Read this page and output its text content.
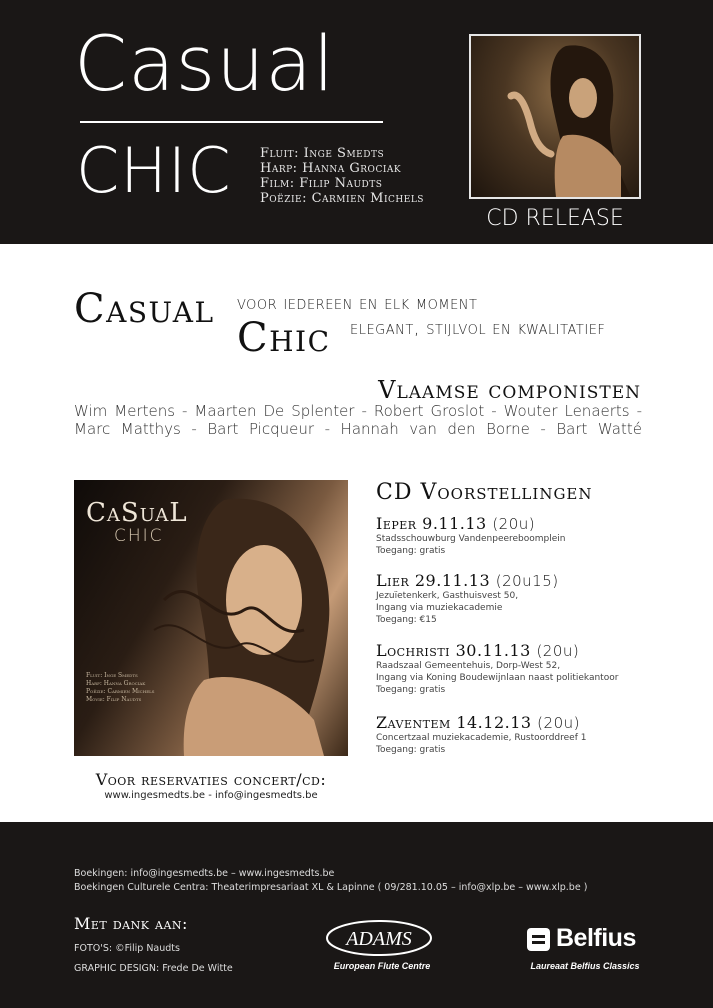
Casual
CHIC Fluit: Inge Smedts
Harp: Hanna Grociak
Film: Filip Naudts
Poëzie: Carmien Michels
CD RELEASE
Casual voor iedereen en elk moment
Chic elegant, stijlvol en kwalitatief
Vlaamse componisten
Wim Mertens - Maarten De Splenter - Robert Groslot - Wouter Lenaerts -
Marc Matthys - Bart Picqueur - Hannah van den Borne - Bart Watté
CaSuaL
CHIC
Fluit: Inge Smedts
Harp: Hanna Grociak
Poëzie: Carmien Michels
Movie: Filip Naudts
Voor reservaties concert/cd:
www.ingesmedts.be - info@ingesmedts.be
CD Voorstellingen
Ieper 9.11.13 (20u)
Stadsschouwburg Vandenpeereboomplein
Toegang: gratis
Lier 29.11.13 (20u15)
Jezuïetenkerk, Gasthuisvest 50,
Ingang via muziekacademie
Toegang: €15
Lochristi 30.11.13 (20u)
Raadszaal Gemeentehuis, Dorp-West 52,
Ingang via Koning Boudewijnlaan naast politiekantoor
Toegang: gratis
Zaventem 14.12.13 (20u)
Concertzaal muziekacademie, Rustoorddreef 1
Toegang: gratis
Boekingen: info@ingesmedts.be – www.ingesmedts.be
Boekingen Culturele Centra: Theaterimpresariaat XL & Lapinne ( 09/281.10.05 – info@xlp.be – www.xlp.be )
Met dank aan:
FOTO'S: ©Filip Naudts
GRAPHIC DESIGN: Frede De Witte
ADAMS
European Flute Centre
Belfius
Laureaat Belfius Classics
